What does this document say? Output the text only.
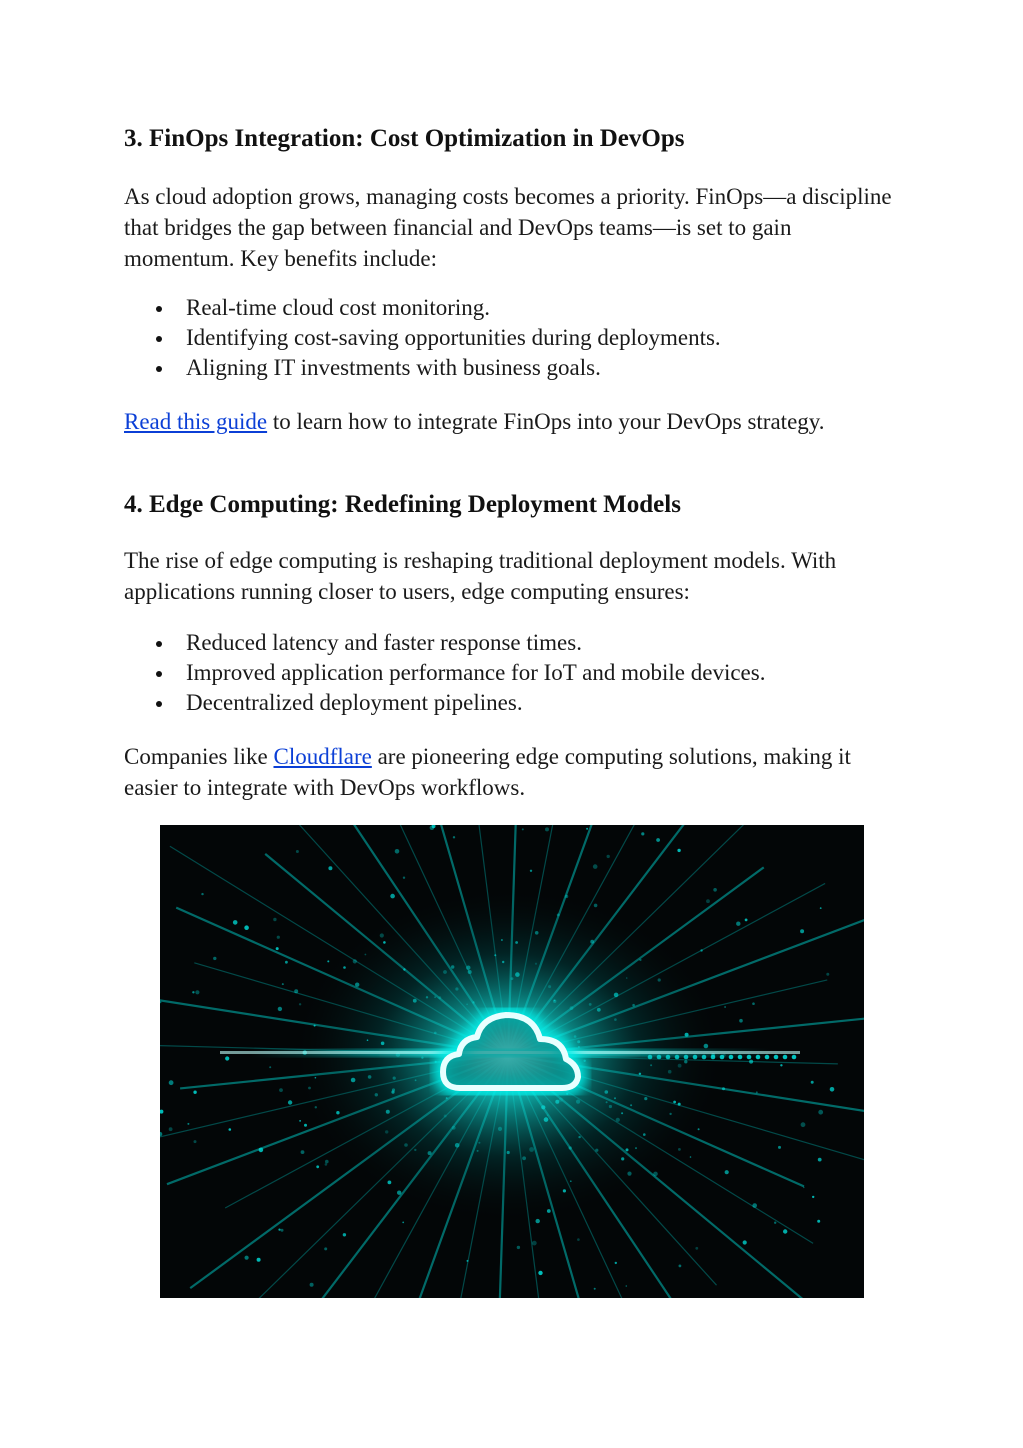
3. FinOps Integration: Cost Optimization in DevOps

As cloud adoption grows, managing costs becomes a priority. FinOps—a discipline that bridges the gap between financial and DevOps teams—is set to gain momentum. Key benefits include:

Real-time cloud cost monitoring.
Identifying cost-saving opportunities during deployments.
Aligning IT investments with business goals.

Read this guide to learn how to integrate FinOps into your DevOps strategy.

4. Edge Computing: Redefining Deployment Models

The rise of edge computing is reshaping traditional deployment models. With applications running closer to users, edge computing ensures:

Reduced latency and faster response times.
Improved application performance for IoT and mobile devices.
Decentralized deployment pipelines.

Companies like Cloudflare are pioneering edge computing solutions, making it easier to integrate with DevOps workflows.
